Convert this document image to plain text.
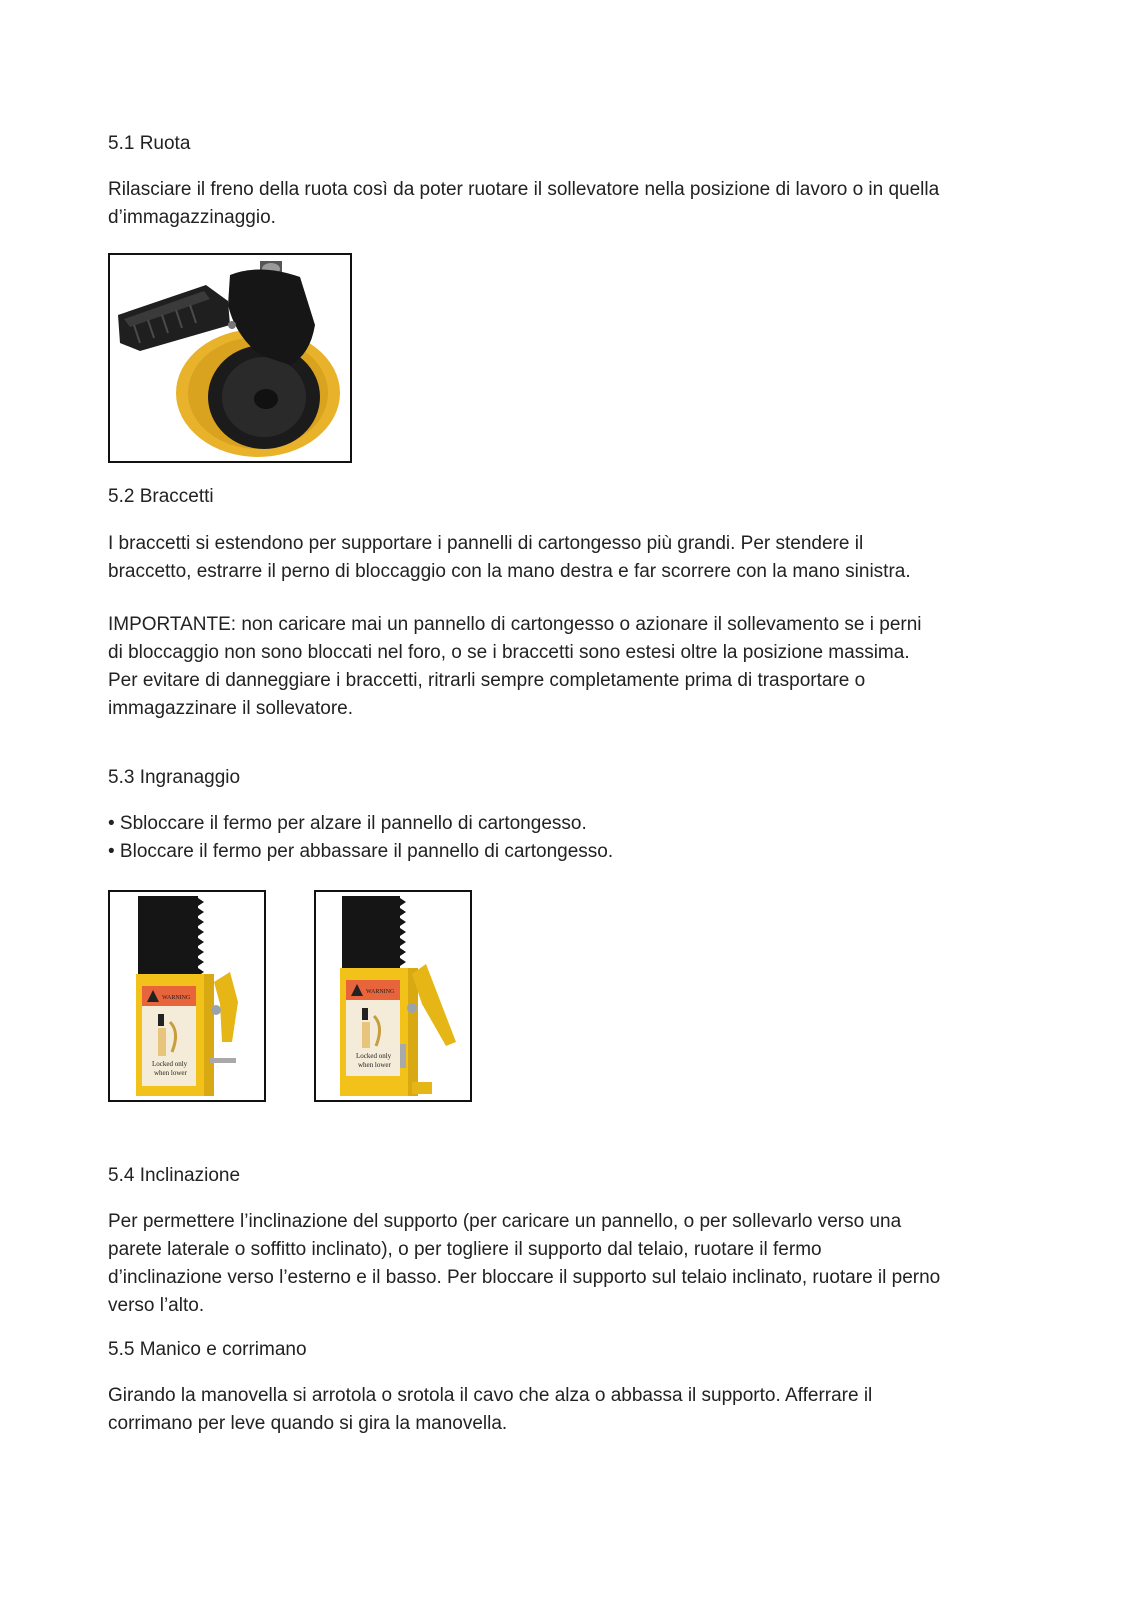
5.1 Ruota

Rilasciare il freno della ruota così da poter ruotare il sollevatore nella posizione di lavoro o in quella
d’immagazzinaggio.

5.2 Braccetti

I braccetti si estendono per supportare i pannelli di cartongesso più grandi. Per stendere il
braccetto, estrarre il perno di bloccaggio con la mano destra e far scorrere con la mano sinistra.

IMPORTANTE: non caricare mai un pannello di cartongesso o azionare il sollevamento se i perni
di bloccaggio non sono bloccati nel foro, o se i braccetti sono estesi oltre la posizione massima.
Per evitare di danneggiare i braccetti, ritrarli sempre completamente prima di trasportare o
immagazzinare il sollevatore.

5.3 Ingranaggio

• Sbloccare il fermo per alzare il pannello di cartongesso.
• Bloccare il fermo per abbassare il pannello di cartongesso.

WARNING
Locked only
when lower
WARNING
Locked only
when lower
5.4 Inclinazione

Per permettere l’inclinazione del supporto (per caricare un pannello, o per sollevarlo verso una
parete laterale o soffitto inclinato), o per togliere il supporto dal telaio, ruotare il fermo
d’inclinazione verso l’esterno e il basso. Per bloccare il supporto sul telaio inclinato, ruotare il perno
verso l’alto.

5.5 Manico e corrimano

Girando la manovella si arrotola o srotola il cavo che alza o abbassa il supporto. Afferrare il
corrimano per leve quando si gira la manovella.
